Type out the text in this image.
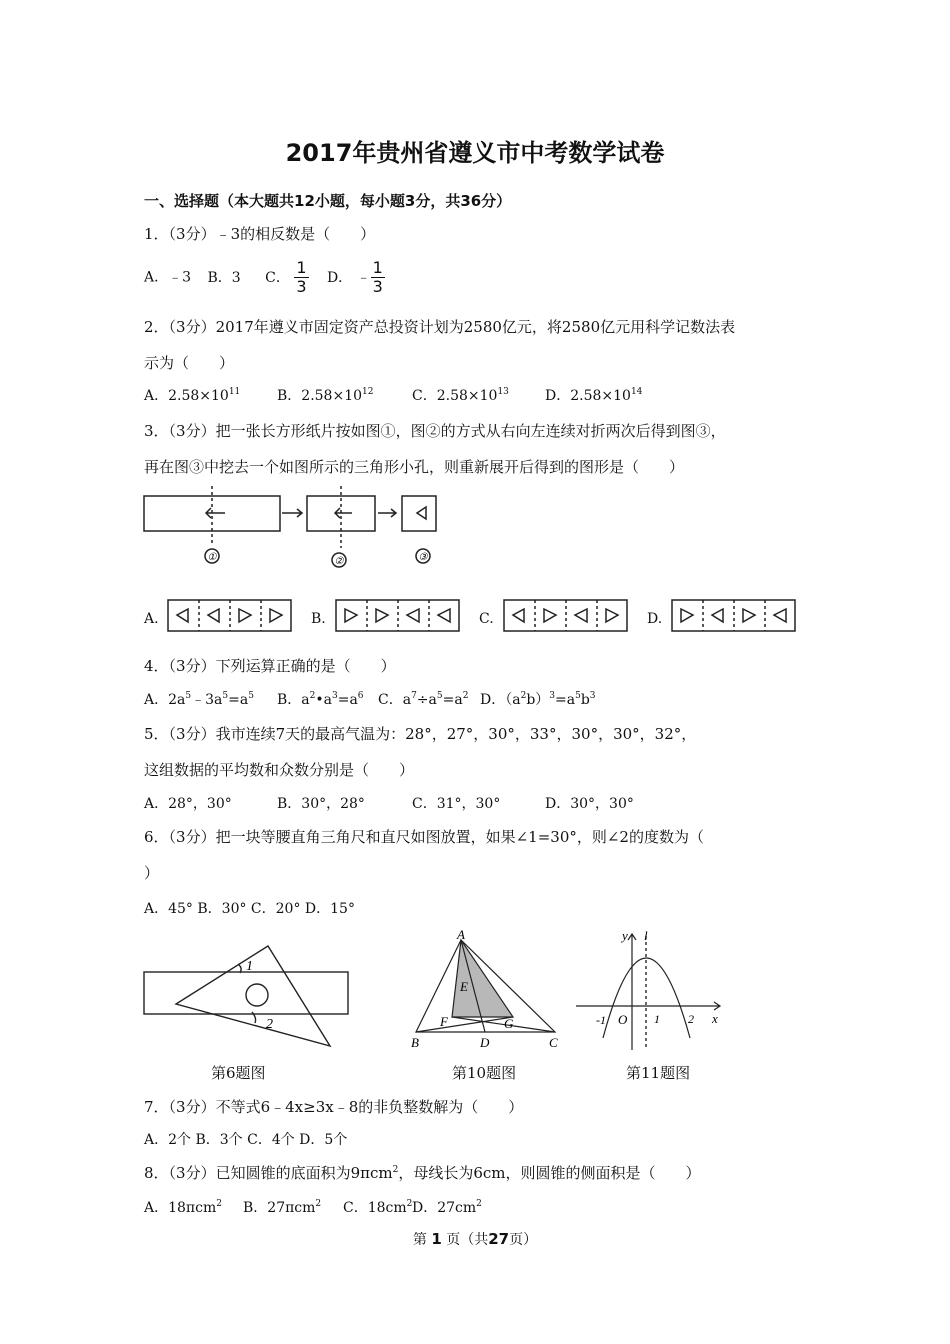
2017年贵州省遵义市中考数学试卷
一、选择题（本大题共12小题，每小题3分，共36分）
1．（3分）﹣3的相反数是（　　）
A．﹣3 B．3 C． $\frac{1}{3}$ D． ﹣ $\frac{1}{3}$
2．（3分）2017年遵义市固定资产总投资计划为2580亿元，将2580亿元用科学记数法表
示为（　　）
A．$2.58\times 10^{11}$	B．$2.58\times 10^{12}$	C．$2.58\times 10^{13}$	D．$2.58\times 10^{14}$
3．（3分）把一张长方形纸片按如图①，图②的方式从右向左连续对折两次后得到图③，
再在图③中挖去一个如图所示的三角形小孔，则重新展开后得到的图形是（　　）
①	②	③
A.	B.	C.	D.
4．（3分）下列运算正确的是（　　）
A．$2a^5﹣3a^5=a^5$ B．$a^2•a^3=a^6$ C．$a^7\div a^5=a^2$ D．$(a^2b)^3=a^5b^3$
5．（3分）我市连续7天的最高气温为：28°，27°，30°，33°，30°，30°，32°，
这组数据的平均数和众数分别是（　　）
A．28°，30°	B．30°，28°	C．31°，30°	D．30°，30°
6．（3分）把一块等腰直角三角尺和直尺如图放置，如果∠1=30°，则∠2的度数为（
）
A．45° B．30° C．20° D．15°
1
2
第6题图
A
E
F	G
B	D	C
第10题图
y l
-1 O 1 2 x
第11题图
7．（3分）不等式6﹣4x≥3x﹣8的非负整数解为（　　）
A．2个 B．3个 C．4个 D．5个
8．（3分）已知圆锥的底面积为9πcm$^2$，母线长为6cm，则圆锥的侧面积是（　　）
A．18πcm$^2$ B．27πcm$^2$ C．$18cm^2$ D．$27cm^2$
第 1 页（共27页）
